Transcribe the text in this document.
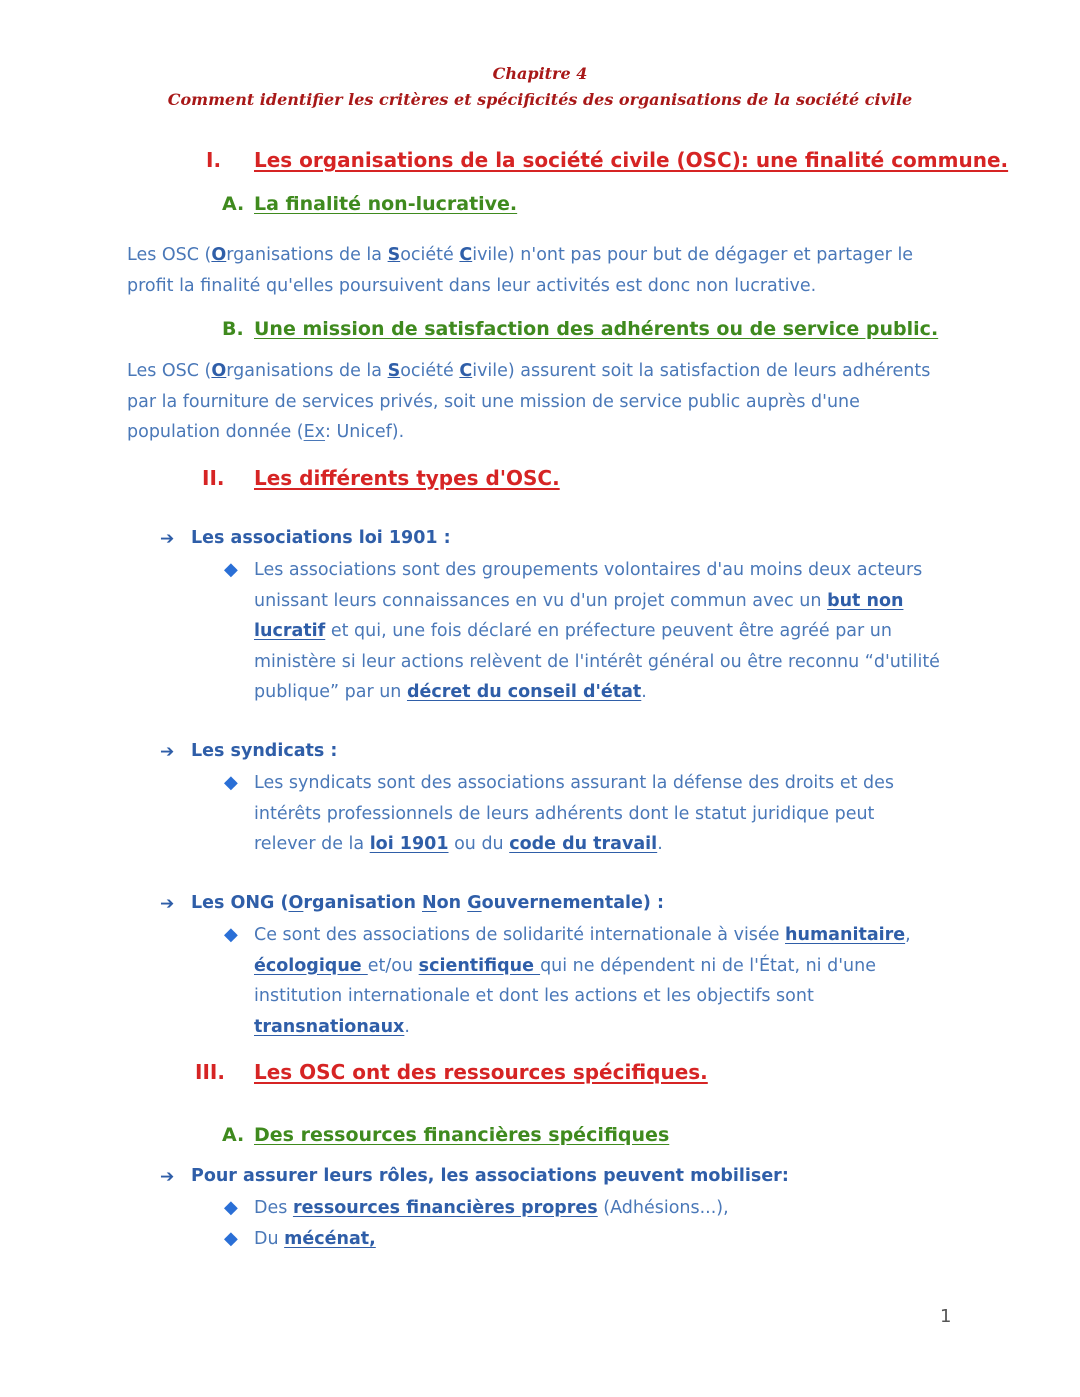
Chapitre 4
Comment identifier les critères et spécificités des organisations de la société civile
I. Les organisations de la société civile (OSC): une finalité commune.
A. La finalité non-lucrative.
Les OSC (Organisations de la Société Civile) n'ont pas pour but de dégager et partager le
profit la finalité qu'elles poursuivent dans leur activités est donc non lucrative.
B. Une mission de satisfaction des adhérents ou de service public.
Les OSC (Organisations de la Société Civile) assurent soit la satisfaction de leurs adhérents
par la fourniture de services privés, soit une mission de service public auprès d'une
population donnée (Ex: Unicef).
II. Les différents types d'OSC.
➔ Les associations loi 1901 :
◆ Les associations sont des groupements volontaires d'au moins deux acteurs unissant leurs connaissances en vu d'un projet commun avec un but non lucratif et qui, une fois déclaré en préfecture peuvent être agréé par un ministère si leur actions relèvent de l'intérêt général ou être reconnu “d'utilité publique” par un décret du conseil d'état.
➔ Les syndicats :
◆ Les syndicats sont des associations assurant la défense des droits et des intérêts professionnels de leurs adhérents dont le statut juridique peut relever de la loi 1901 ou du code du travail.
➔ Les ONG (Organisation Non Gouvernementale) :
◆ Ce sont des associations de solidarité internationale à visée humanitaire, écologique et/ou scientifique qui ne dépendent ni de l'État, ni d'une institution internationale et dont les actions et les objectifs sont transnationaux.
III. Les OSC ont des ressources spécifiques.
A. Des ressources financières spécifiques
➔ Pour assurer leurs rôles, les associations peuvent mobiliser:
◆ Des ressources financières propres (Adhésions...),
◆ Du mécénat,
1
